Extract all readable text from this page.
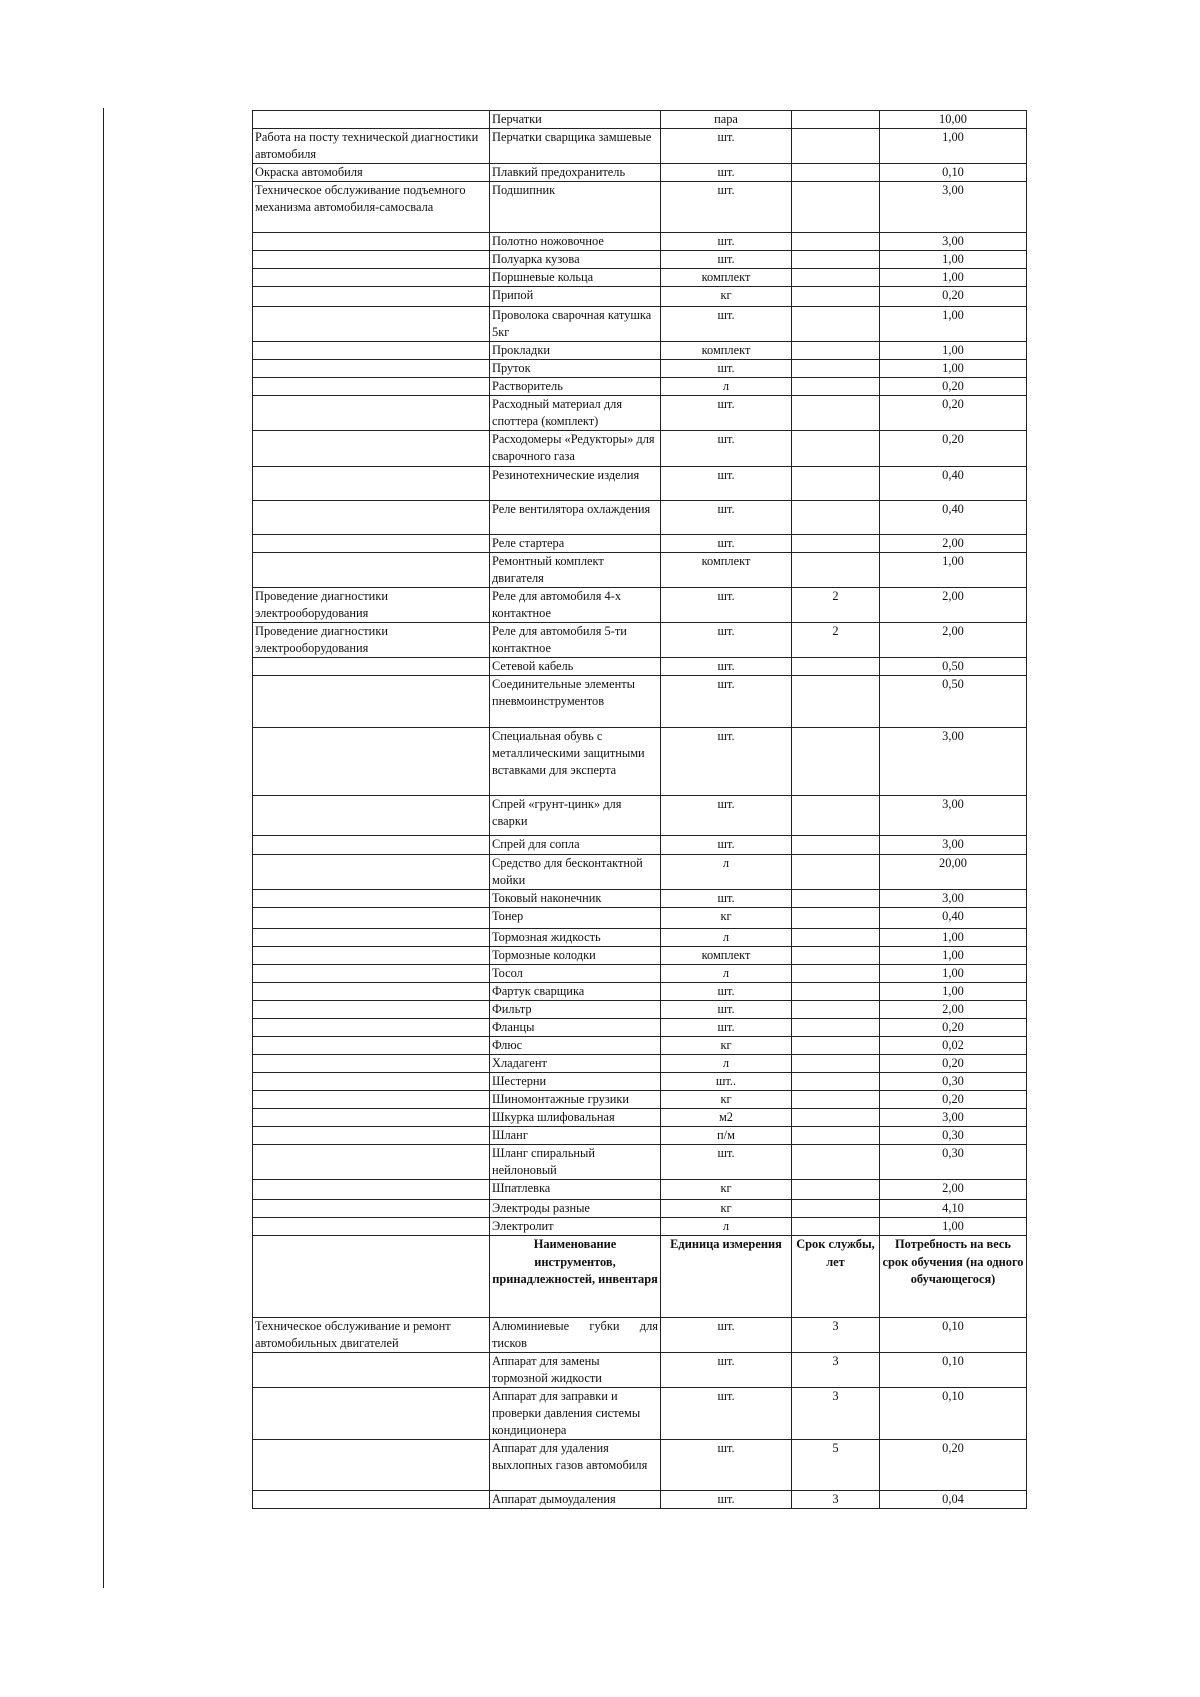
	Перчатки	пара		10,00
Работа на посту технической диагностики автомобиля	Перчатки сварщика замшевые	шт.		1,00
Окраска автомобиля	Плавкий предохранитель	шт.		0,10
Техническое обслуживание подъемного механизма автомобиля-самосвала	Подшипник	шт.		3,00
	Полотно ножовочное	шт.		3,00
	Полуарка кузова	шт.		1,00
	Поршневые кольца	комплект		1,00
	Припой	кг		0,20
	Проволока сварочная катушка 5кг	шт.		1,00
	Прокладки	комплект		1,00
	Пруток	шт.		1,00
	Растворитель	л		0,20
	Расходный материал для споттера (комплект)	шт.		0,20
	Расходомеры «Редукторы» для сварочного газа	шт.		0,20
	Резинотехнические изделия	шт.		0,40
	Реле вентилятора охлаждения	шт.		0,40
	Реле стартера	шт.		2,00
	Ремонтный комплект двигателя	комплект		1,00
Проведение диагностики электрооборудования	Реле для автомобиля 4-х контактное	шт.	2	2,00
Проведение диагностики электрооборудования	Реле для автомобиля 5-ти контактное	шт.	2	2,00
	Сетевой кабель	шт.		0,50
	Соединительные элементы пневмоинструментов	шт.		0,50
	Специальная обувь с металлическими защитными вставками для эксперта	шт.		3,00
	Спрей «грунт-цинк» для сварки	шт.		3,00
	Спрей для сопла	шт.		3,00
	Средство для бесконтактной мойки	л		20,00
	Токовый наконечник	шт.		3,00
	Тонер	кг		0,40
	Тормозная жидкость	л		1,00
	Тормозные колодки	комплект		1,00
	Тосол	л		1,00
	Фартук сварщика	шт.		1,00
	Фильтр	шт.		2,00
	Фланцы	шт.		0,20
	Флюс	кг		0,02
	Хладагент	л		0,20
	Шестерни	шт..		0,30
	Шиномонтажные грузики	кг		0,20
	Шкурка шлифовальная	м2		3,00
	Шланг	п/м		0,30
	Шланг спиральный нейлоновый	шт.		0,30
	Шпатлевка	кг		2,00
	Электроды разные	кг		4,10
	Электролит	л		1,00
	Наименование инструментов, принадлежностей, инвентаря	Единица измерения	Срок службы, лет	Потребность на весь срок обучения (на одного обучающегося)
Техническое обслуживание и ремонт автомобильных двигателей	Алюминиевые губки для тисков	шт.	3	0,10
	Аппарат для замены тормозной жидкости	шт.	3	0,10
	Аппарат для заправки и проверки давления системы кондиционера	шт.	3	0,10
	Аппарат для удаления выхлопных газов автомобиля	шт.	5	0,20
	Аппарат дымоудаления	шт.	3	0,04
